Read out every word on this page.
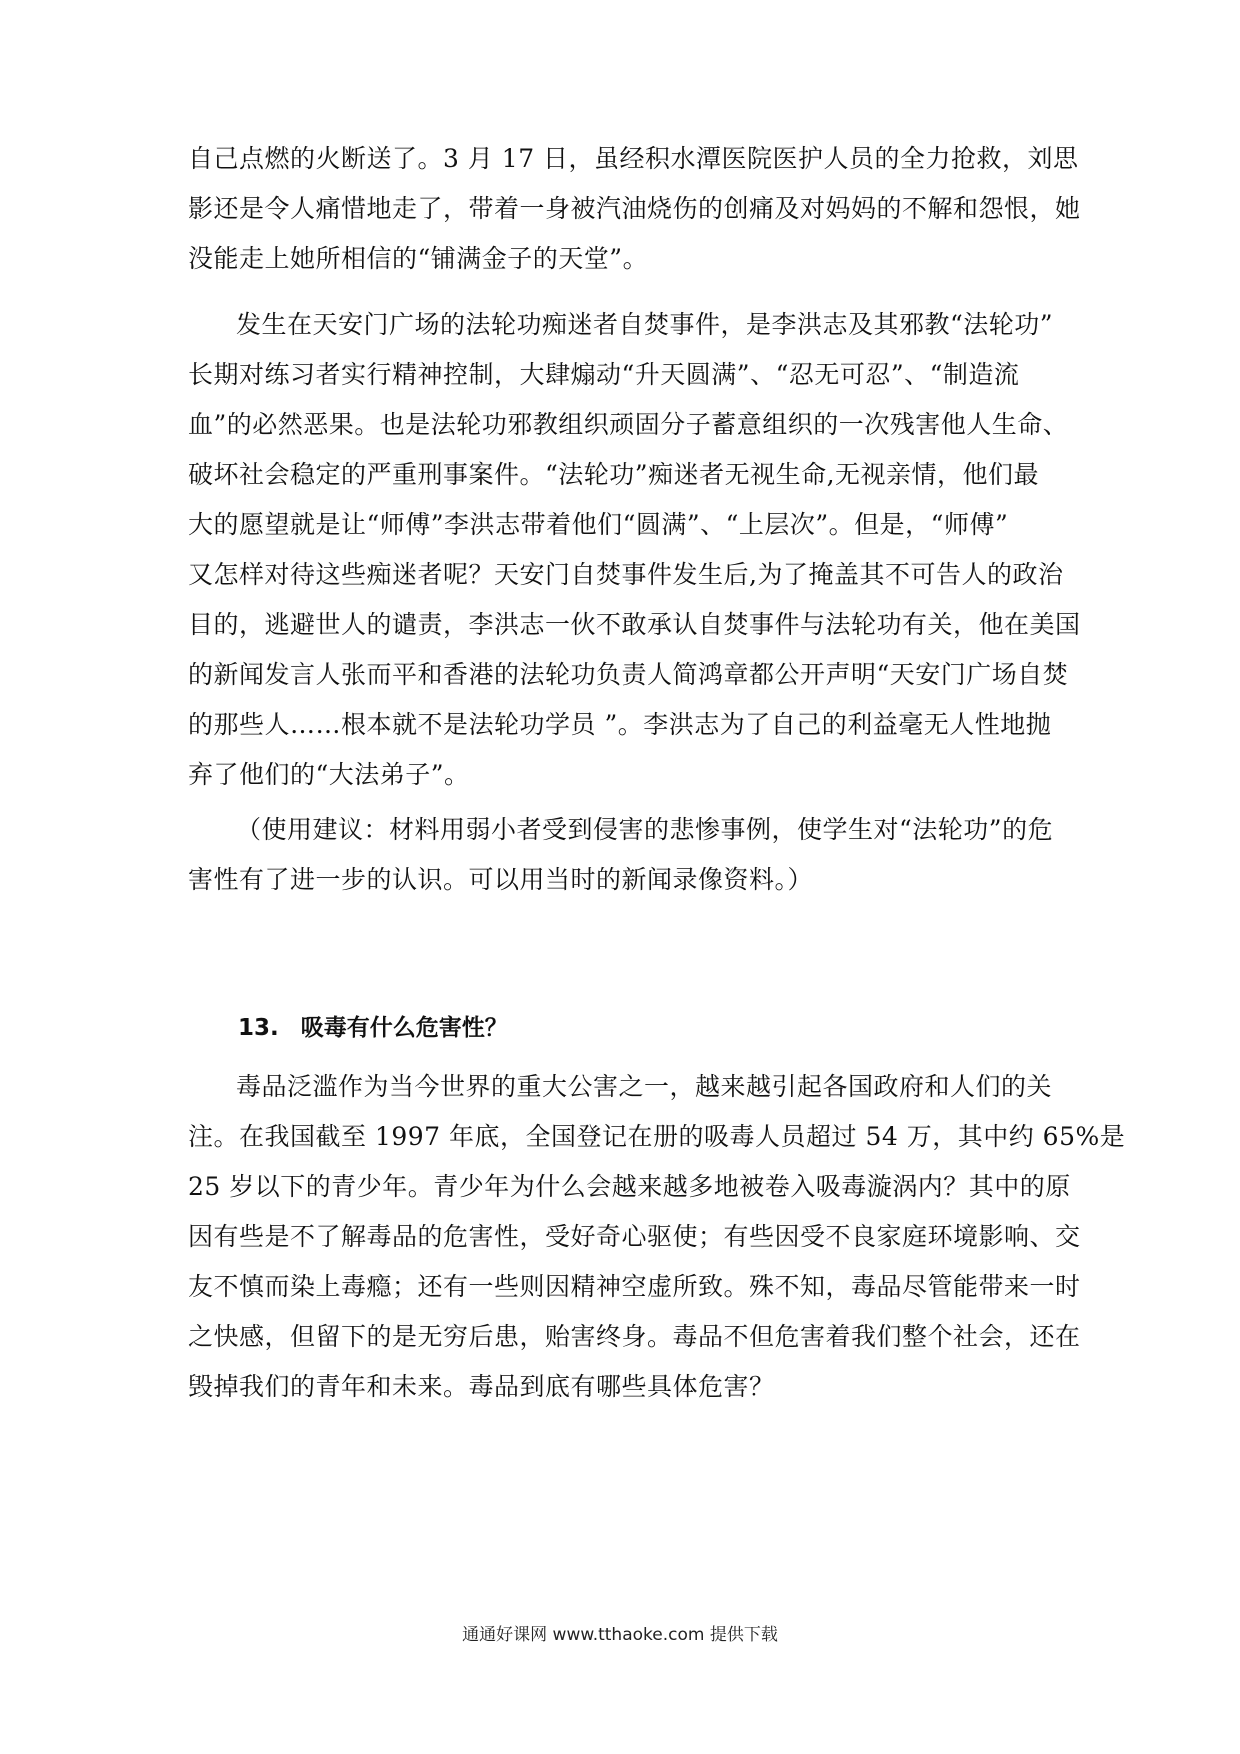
自己点燃的火断送了。3 月 17 日，虽经积水潭医院医护人员的全力抢救，刘思
影还是令人痛惜地走了，带着一身被汽油烧伤的创痛及对妈妈的不解和怨恨，她
没能走上她所相信的“铺满金子的天堂”。
发生在天安门广场的法轮功痴迷者自焚事件，是李洪志及其邪教“法轮功”
长期对练习者实行精神控制，大肆煽动“升天圆满”、“忍无可忍”、“制造流
血”的必然恶果。也是法轮功邪教组织顽固分子蓄意组织的一次残害他人生命、
破坏社会稳定的严重刑事案件。“法轮功”痴迷者无视生命,无视亲情，他们最
大的愿望就是让“师傅”李洪志带着他们“圆满”、“上层次”。但是，“师傅”
又怎样对待这些痴迷者呢？天安门自焚事件发生后,为了掩盖其不可告人的政治
目的，逃避世人的谴责，李洪志一伙不敢承认自焚事件与法轮功有关，他在美国
的新闻发言人张而平和香港的法轮功负责人简鸿章都公开声明“天安门广场自焚
的那些人……根本就不是法轮功学员 ”。李洪志为了自己的利益毫无人性地抛
弃了他们的“大法弟子”。
（使用建议：材料用弱小者受到侵害的悲惨事例，使学生对“法轮功”的危
害性有了进一步的认识。可以用当时的新闻录像资料。）
13. 吸毒有什么危害性？
毒品泛滥作为当今世界的重大公害之一，越来越引起各国政府和人们的关
注。在我国截至 1997 年底，全国登记在册的吸毒人员超过 54 万，其中约 65%是
25 岁以下的青少年。青少年为什么会越来越多地被卷入吸毒漩涡内？其中的原
因有些是不了解毒品的危害性，受好奇心驱使；有些因受不良家庭环境影响、交
友不慎而染上毒瘾；还有一些则因精神空虚所致。殊不知，毒品尽管能带来一时
之快感，但留下的是无穷后患，贻害终身。毒品不但危害着我们整个社会，还在
毁掉我们的青年和未来。毒品到底有哪些具体危害？
通通好课网 www.tthaoke.com 提供下载
